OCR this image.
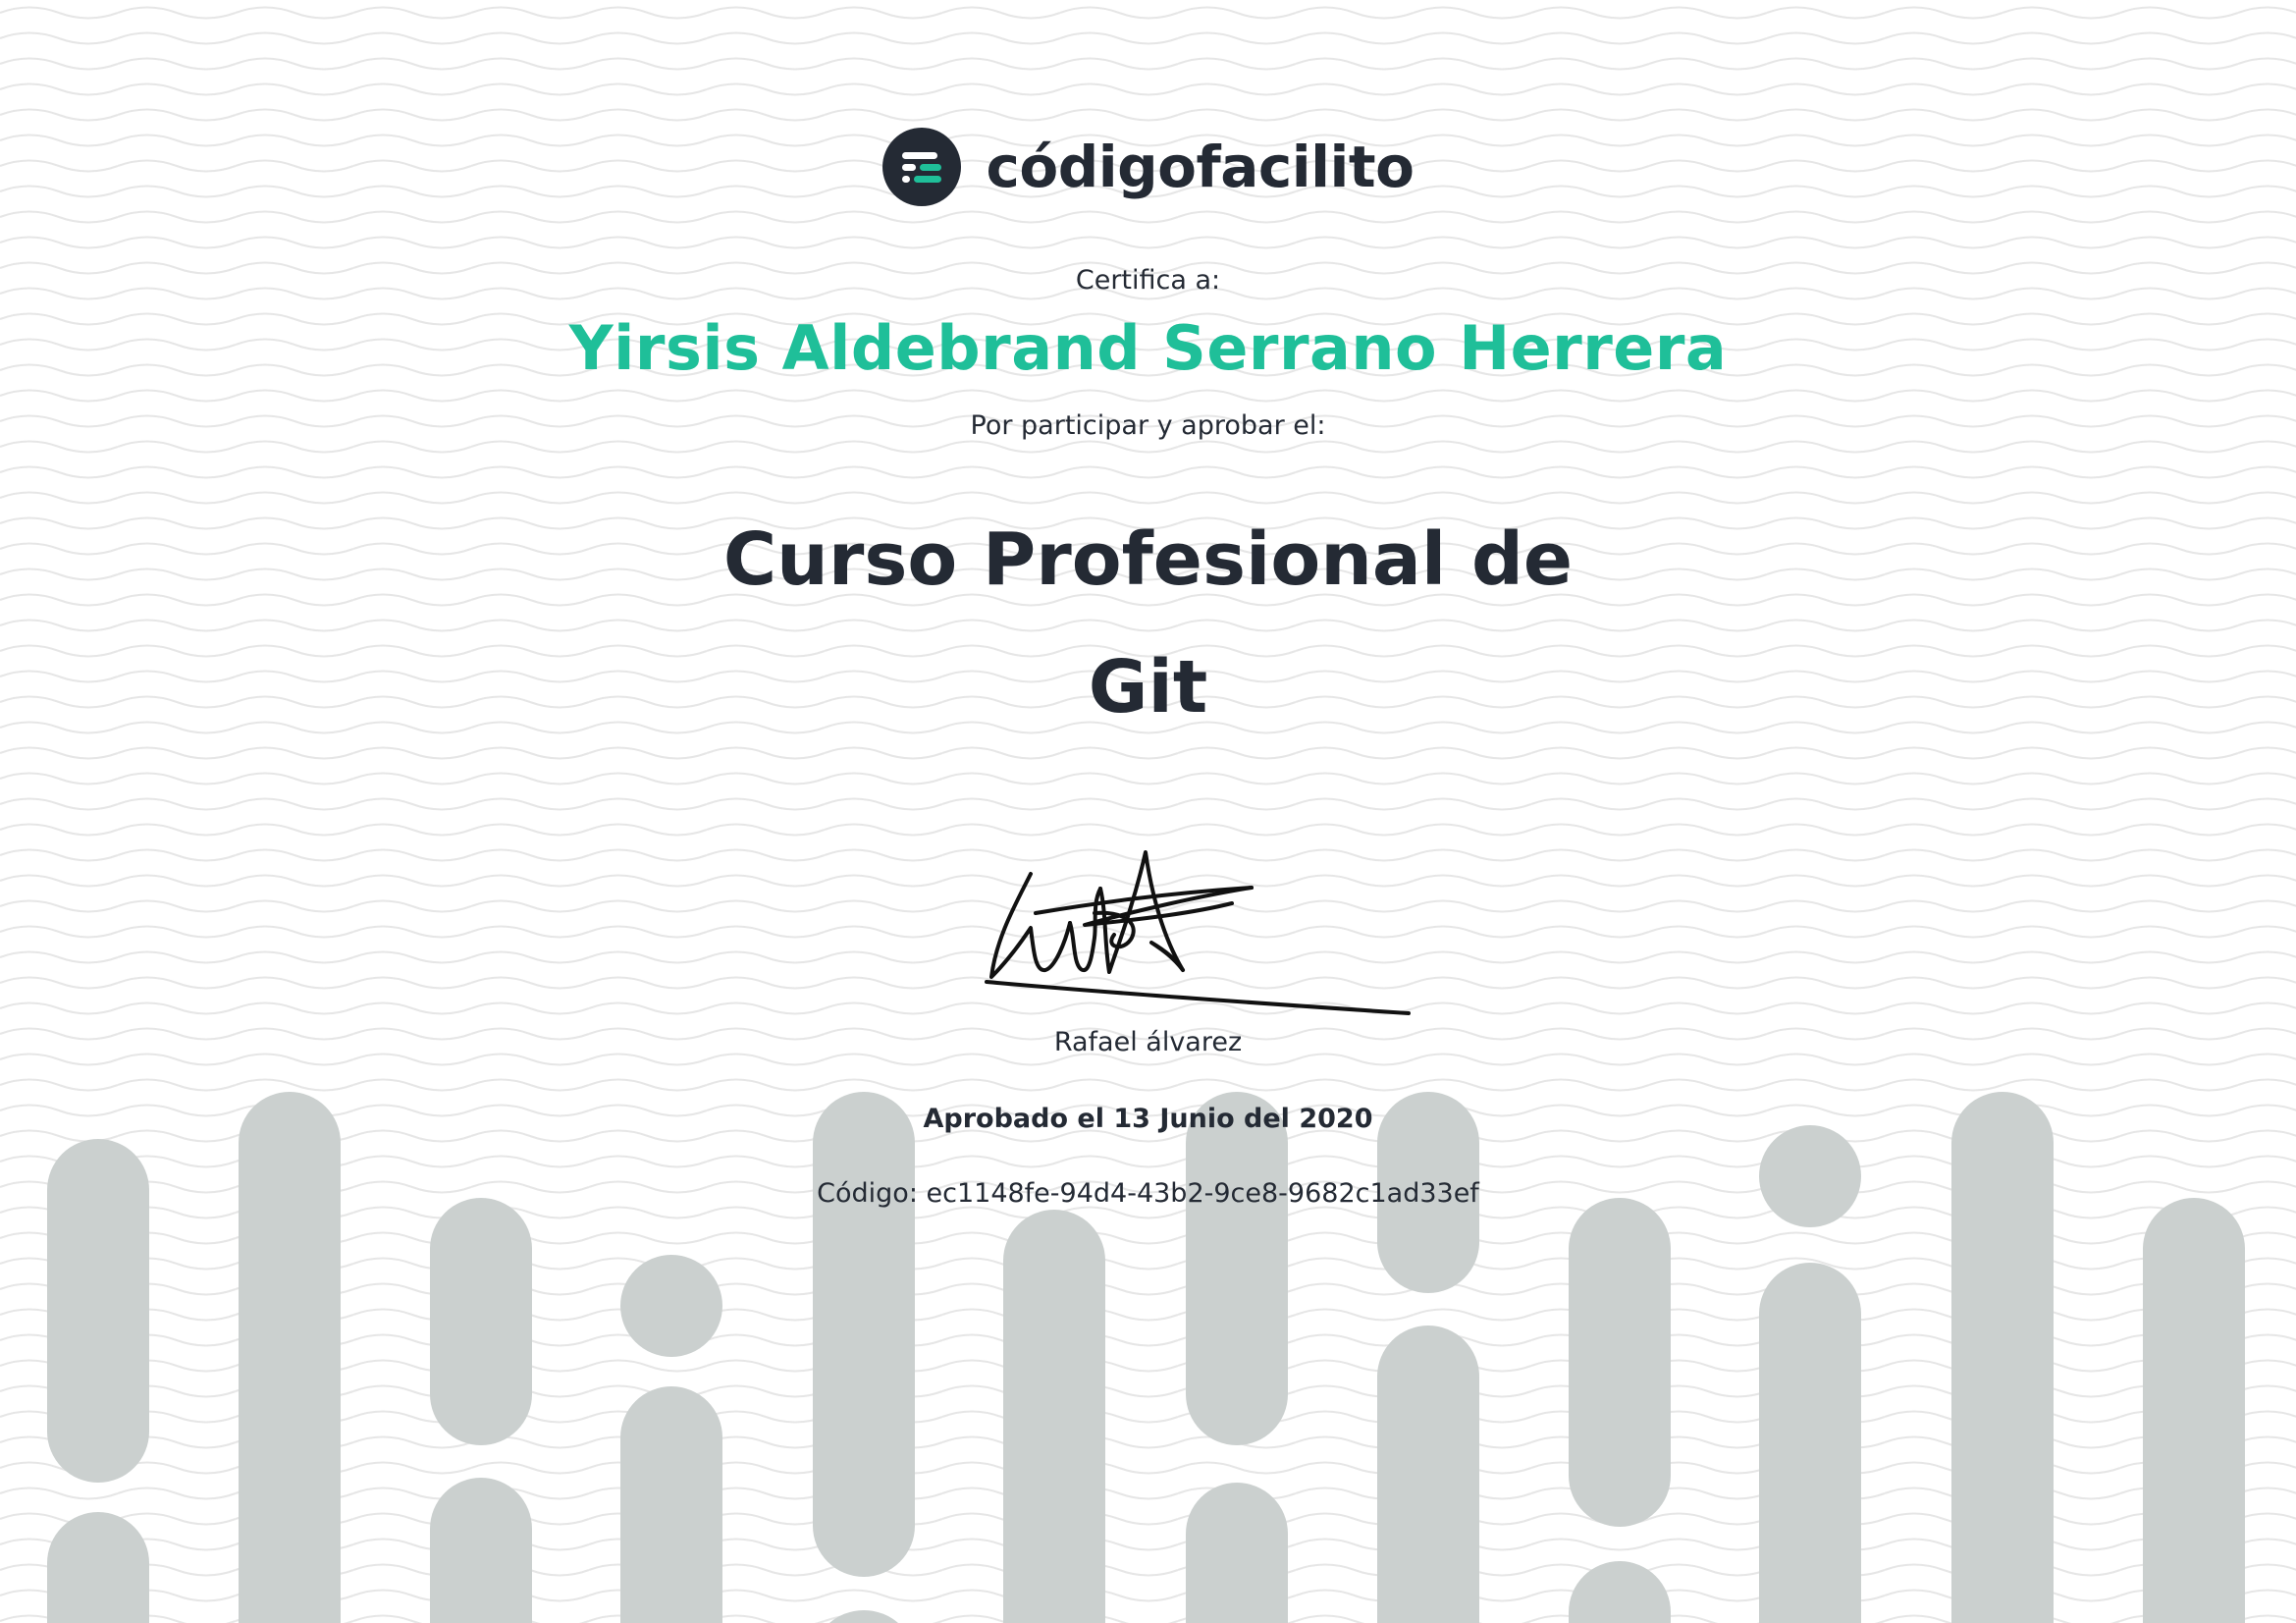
códigofacilito
Certifica a:
Yirsis Aldebrand Serrano Herrera
Por participar y aprobar el:
Curso Profesional de
Git
Rafael álvarez
Aprobado el 13 Junio del 2020
Código: ec1148fe-94d4-43b2-9ce8-9682c1ad33ef
